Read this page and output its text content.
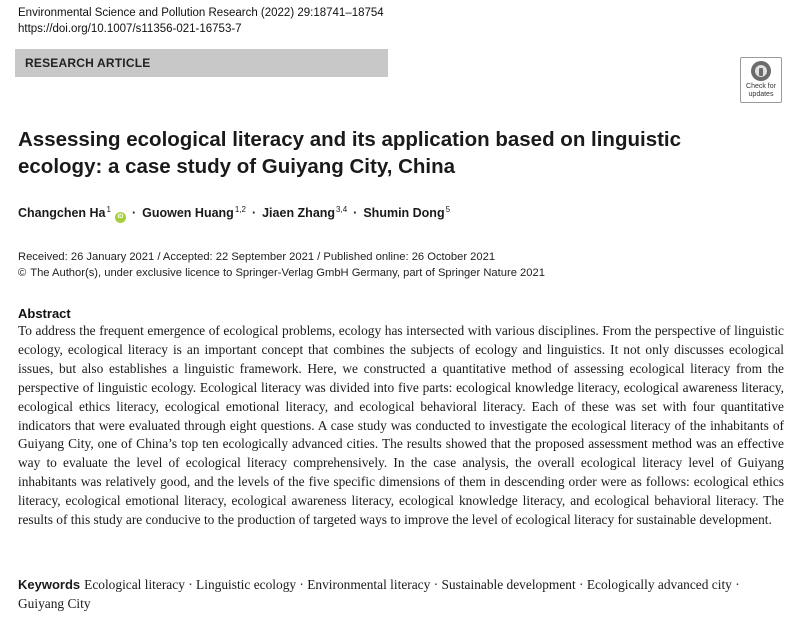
Environmental Science and Pollution Research (2022) 29:18741–18754
https://doi.org/10.1007/s11356-021-16753-7
RESEARCH ARTICLE
Check for updates
Assessing ecological literacy and its application based on linguistic ecology: a case study of Guiyang City, China
Changchen $Ha^1iD$ · Guowen Huang$^{1,2}$ · Jiaen Zhang$^{3,4}$ · Shumin Dong$^5$
Received: 26 January 2021 / Accepted: 22 September 2021 / Published online: 26 October 2021
© The Author(s), under exclusive licence to Springer-Verlag GmbH Germany, part of Springer Nature 2021
Abstract
To address the frequent emergence of ecological problems, ecology has intersected with various disciplines. From the perspective of linguistic ecology, ecological literacy is an important concept that combines the subjects of ecology and linguistics. It not only discusses ecological issues, but also establishes a linguistic framework. Here, we constructed a quantitative method of assessing ecological literacy from the perspective of linguistic ecology. Ecological literacy was divided into five parts: ecological knowledge literacy, ecological awareness literacy, ecological ethics literacy, ecological emotional literacy, and ecological behavioral literacy. Each of these was set with four quantitative indicators that were evaluated through eight questions. A case study was conducted to investigate the ecological literacy of the inhabitants of Guiyang City, one of China’s top ten ecologically advanced cities. The results showed that the proposed assessment method was an effective way to evaluate the level of ecological literacy comprehensively. In the case analysis, the overall ecological literacy level of Guiyang inhabitants was relatively good, and the levels of the five specific dimensions of them in descending order were as follows: ecological ethics literacy, ecological emotional literacy, ecological awareness literacy, ecological knowledge literacy, and ecological behavioral literacy. The results of this study are conducive to the production of targeted ways to improve the level of ecological literacy for sustainable development.
Keywords Ecological literacy · Linguistic ecology · Environmental literacy · Sustainable development · Ecologically advanced city · Guiyang City
